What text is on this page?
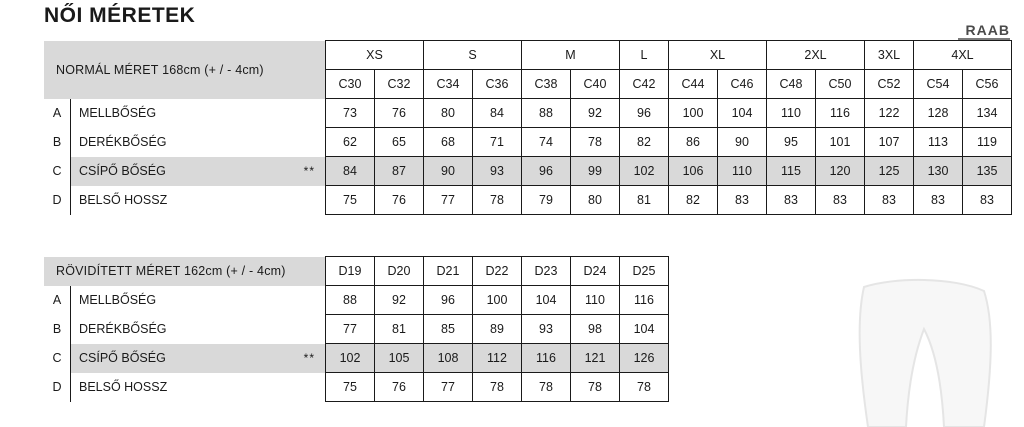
NŐI MÉRETEK
RAAB
NORMÁL MÉRET 168cm (+ / - 4cm)		XS		S		M		L	XL		2XL		3XL	4XL	
		C30	C32	C34	C36	C38	C40	C42	C44	C46	C48	C50	C52	C54	C56
A	MELLBŐSÉG	73	76	80	84	88	92	96	100	104	110	116	122	128	134
B	DERÉKBŐSÉG	62	65	68	71	74	78	82	86	90	95	101	107	113	119
C	CSÍPŐ BŐSÉG **	84	87	90	93	96	99	102	106	110	115	120	125	130	135
D	BELSŐ HOSSZ	75	76	77	78	79	80	81	82	83	83	83	83	83	83
RÖVIDÍTETT MÉRET 162cm (+ / - 4cm)		D19	D20	D21	D22	D23	D24	D25
A	MELLBŐSÉG	88	92	96	100	104	110	116
B	DERÉKBŐSÉG	77	81	85	89	93	98	104
C	CSÍPŐ BŐSÉG **	102	105	108	112	116	121	126
D	BELSŐ HOSSZ	75	76	77	78	78	78	78
